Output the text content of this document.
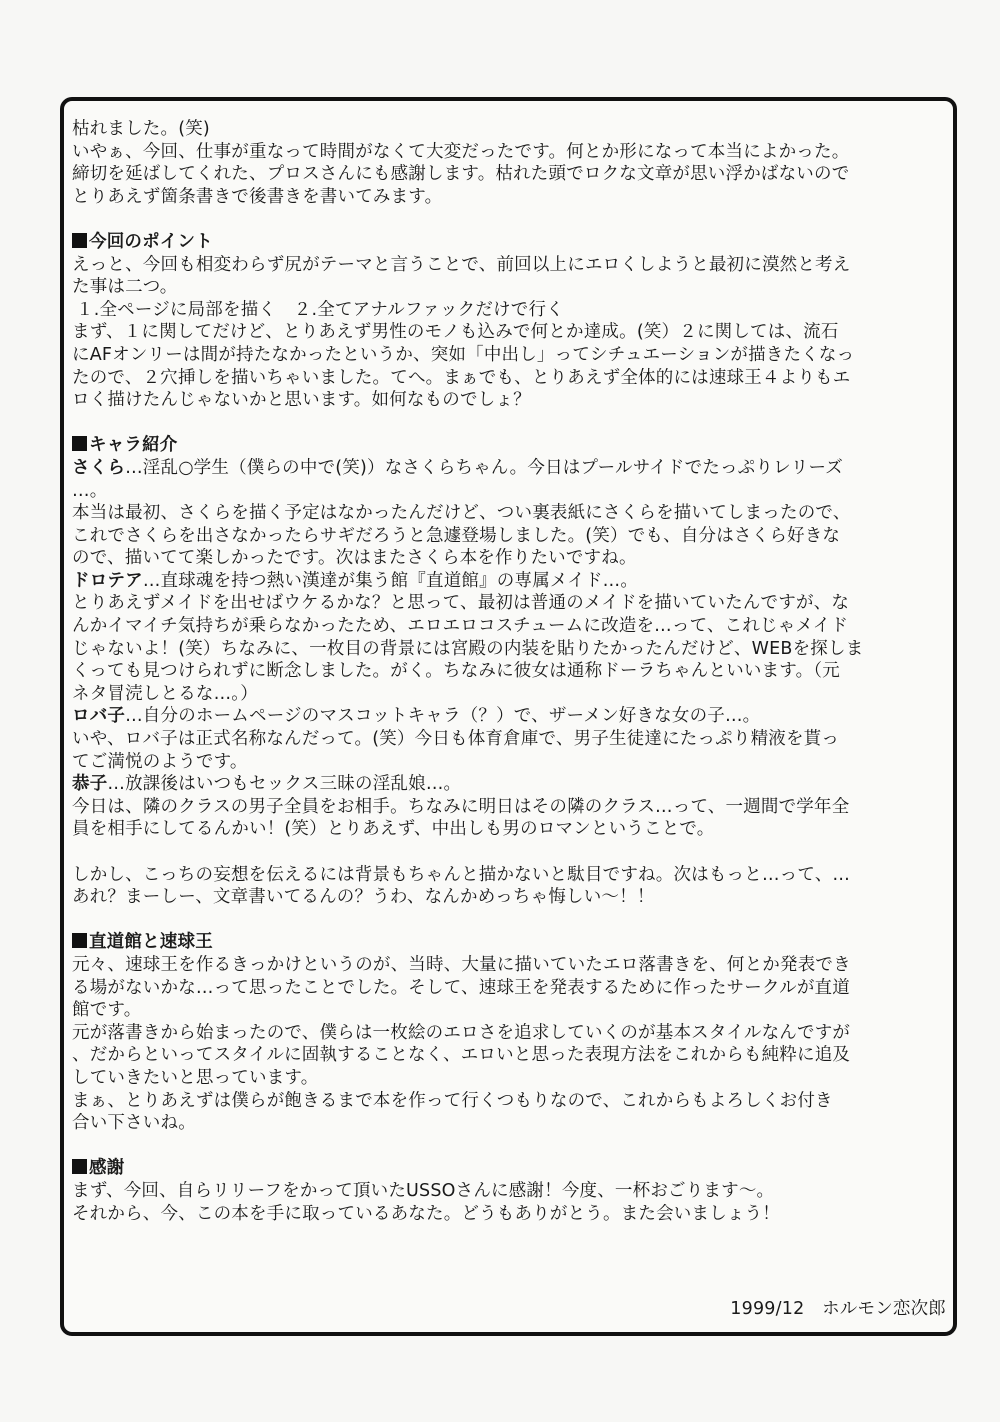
枯れました。(笑)

いやぁ、今回、仕事が重なって時間がなくて大変だったです。何とか形になって本当によかった。

締切を延ばしてくれた、プロスさんにも感謝します。枯れた頭でロクな文章が思い浮かばないので

とりあえず箇条書きで後書きを書いてみます。

今回のポイント

えっと、今回も相変わらず尻がテーマと言うことで、前回以上にエロくしようと最初に漠然と考え

た事は二つ。

１.全ページに局部を描く　２.全てアナルファックだけで行く

まず、１に関してだけど、とりあえず男性のモノも込みで何とか達成。(笑）２に関しては、流石

にAFオンリーは間が持たなかったというか、突如「中出し」ってシチュエーションが描きたくなっ

たので、２穴挿しを描いちゃいました。てへ。まぁでも、とりあえず全体的には速球王４よりもエ

ロく描けたんじゃないかと思います。如何なものでしょ？

キャラ紹介

さくら…淫乱○学生（僕らの中で(笑)）なさくらちゃん。今日はプールサイドでたっぷりレリーズ

…。

本当は最初、さくらを描く予定はなかったんだけど、つい裏表紙にさくらを描いてしまったので、

これでさくらを出さなかったらサギだろうと急遽登場しました。(笑）でも、自分はさくら好きな

ので、描いてて楽しかったです。次はまたさくら本を作りたいですね。

ドロテア…直球魂を持つ熱い漢達が集う館『直道館』の専属メイド…。

とりあえずメイドを出せばウケるかな？と思って、最初は普通のメイドを描いていたんですが、な

んかイマイチ気持ちが乗らなかったため、エロエロコスチュームに改造を…って、これじゃメイド

じゃないよ！(笑）ちなみに、一枚目の背景には宮殿の内装を貼りたかったんだけど、WEBを探しま

くっても見つけられずに断念しました。がく。ちなみに彼女は通称ドーラちゃんといいます。（元

ネタ冒涜しとるな…。）

ロバ子…自分のホームページのマスコットキャラ（？）で、ザーメン好きな女の子…。

いや、ロバ子は正式名称なんだって。(笑）今日も体育倉庫で、男子生徒達にたっぷり精液を貰っ

てご満悦のようです。

恭子…放課後はいつもセックス三昧の淫乱娘…。

今日は、隣のクラスの男子全員をお相手。ちなみに明日はその隣のクラス…って、一週間で学年全

員を相手にしてるんかい！(笑）とりあえず、中出しも男のロマンということで。

しかし、こっちの妄想を伝えるには背景もちゃんと描かないと駄目ですね。次はもっと…って、…

あれ？まーしー、文章書いてるんの？うわ、なんかめっちゃ悔しい～！！

直道館と速球王

元々、速球王を作るきっかけというのが、当時、大量に描いていたエロ落書きを、何とか発表でき

る場がないかな…って思ったことでした。そして、速球王を発表するために作ったサークルが直道

館です。

元が落書きから始まったので、僕らは一枚絵のエロさを追求していくのが基本スタイルなんですが

、だからといってスタイルに固執することなく、エロいと思った表現方法をこれからも純粋に追及

していきたいと思っています。

まぁ、とりあえずは僕らが飽きるまで本を作って行くつもりなので、これからもよろしくお付き

合い下さいね。

感謝

まず、今回、自らリリーフをかって頂いたUSSOさんに感謝！今度、一杯おごります～。

それから、今、この本を手に取っているあなた。どうもありがとう。また会いましょう！

1999/12　ホルモン恋次郎
